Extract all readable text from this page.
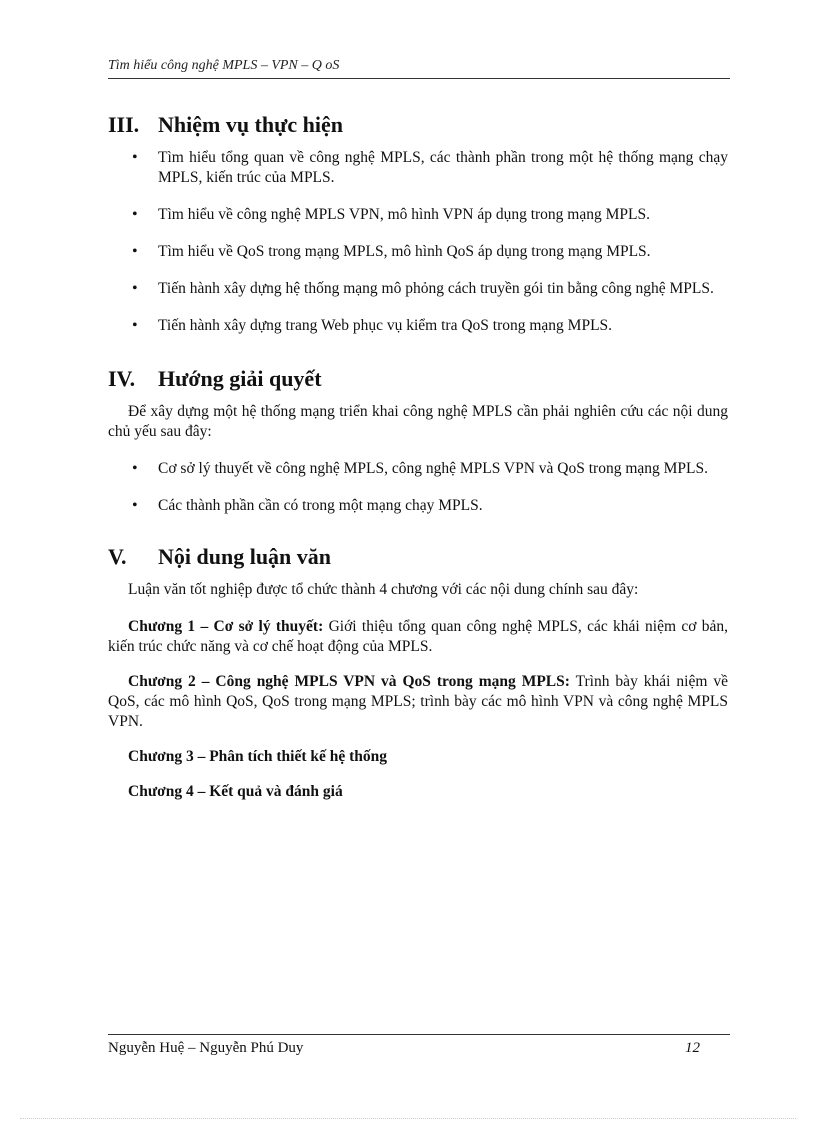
Tìm hiểu công nghệ MPLS – VPN – Q oS
III. Nhiệm vụ thực hiện
• Tìm hiểu tổng quan về công nghệ MPLS, các thành phần trong một hệ thống mạng chạy MPLS, kiến trúc của MPLS.
• Tìm hiểu về công nghệ MPLS VPN, mô hình VPN áp dụng trong mạng MPLS.
• Tìm hiểu về QoS trong mạng MPLS, mô hình QoS áp dụng trong mạng MPLS.
• Tiến hành xây dựng hệ thống mạng mô phỏng cách truyền gói tin bằng công nghệ MPLS.
• Tiến hành xây dựng trang Web phục vụ kiểm tra QoS trong mạng MPLS.
IV.	Hướng giải quyết

Để xây dựng một hệ thống mạng triển khai công nghệ MPLS cần phải nghiên cứu các nội dung chủ yếu sau đây:

• Cơ sở lý thuyết về công nghệ MPLS, công nghệ MPLS VPN và QoS trong mạng MPLS.
• Các thành phần cần có trong một mạng chạy MPLS.
V.	Nội dung luận văn

Luận văn tốt nghiệp được tổ chức thành 4 chương với các nội dung chính sau đây:

Chương 1 – Cơ sở lý thuyết: Giới thiệu tổng quan công nghệ MPLS, các khái niệm cơ bản, kiến trúc chức năng và cơ chế hoạt động của MPLS.

Chương 2 – Công nghệ MPLS VPN và QoS trong mạng MPLS: Trình bày khái niệm về QoS, các mô hình QoS, QoS trong mạng MPLS; trình bày các mô hình VPN và công nghệ MPLS VPN.

Chương 3 – Phân tích thiết kế hệ thống

Chương 4 – Kết quả và đánh giá

Nguyễn Huệ – Nguyễn Phú Duy	12
